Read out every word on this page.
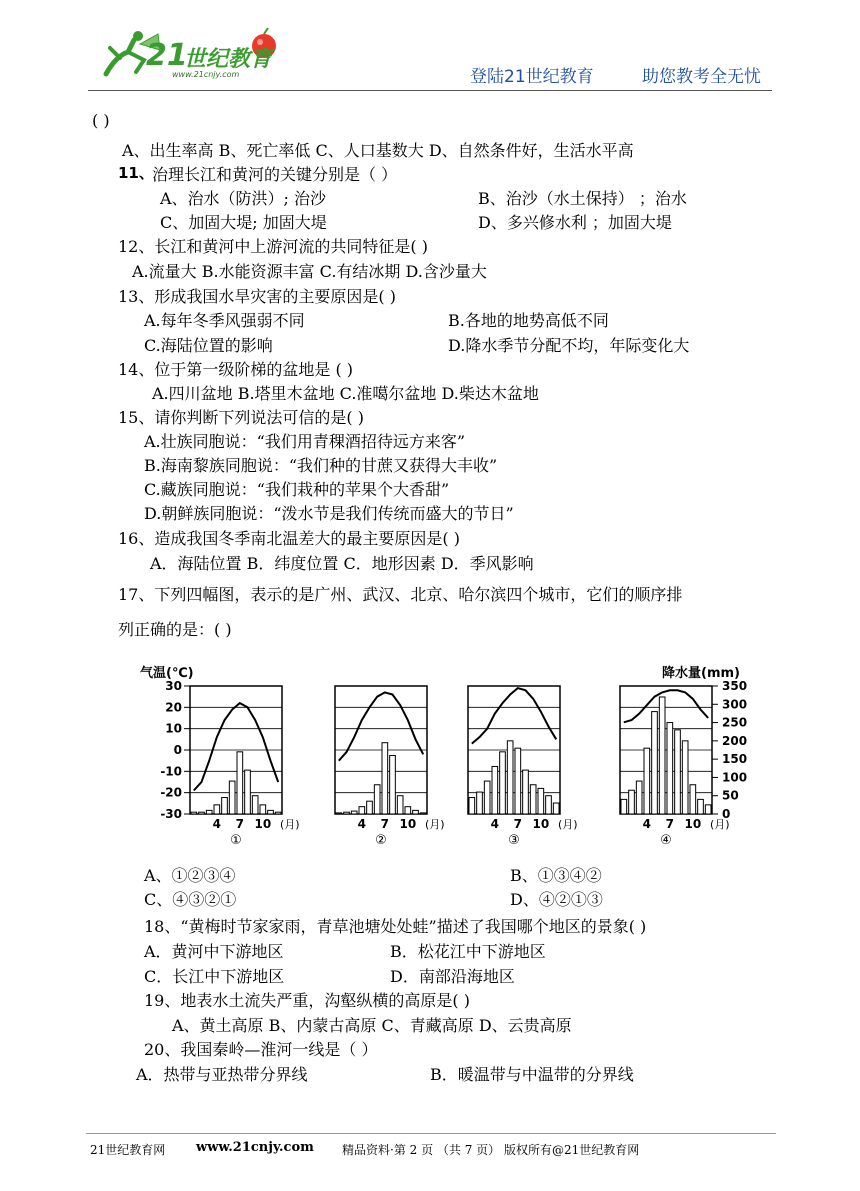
21
世纪教育
www.21cnjy.com	登陆21世纪教育	助您教考全无忧
( )
A、出生率高 B、死亡率低 C、人口基数大 D、自然条件好，生活水平高
11、
治理长江和黄河的关键分别是（ ）
A、治水（防洪）; 治沙	B、治沙（水土保持） ；治水
C、加固大堤; 加固大堤	D、多兴修水利 ；加固大堤
12、长江和黄河中上游河流的共同特征是( )
A.流量大 B.水能资源丰富 C.有结冰期 D.含沙量大
13、形成我国水旱灾害的主要原因是( )
A.每年冬季风强弱不同	B.各地的地势高低不同
C.海陆位置的影响	D.降水季节分配不均，年际变化大
14、位于第一级阶梯的盆地是 ( )
A.四川盆地 B.塔里木盆地 C.准噶尔盆地 D.柴达木盆地
15、请你判断下列说法可信的是( )
A.壮族同胞说：“我们用青稞酒招待远方来客”
B.海南黎族同胞说：“我们种的甘蔗又获得大丰收”
C.藏族同胞说：“我们栽种的苹果个大香甜”
D.朝鲜族同胞说：“泼水节是我们传统而盛大的节日”
16、造成我国冬季南北温差大的最主要原因是( )
A．海陆位置 B．纬度位置 C．地形因素 D．季风影响
17、下列四幅图，表示的是广州、武汉、北京、哈尔滨四个城市，它们的顺序排
列正确的是：( )
气温(℃)	降水量(mm)
30
20
10
0
-10
-20
-30
350
300
250
200
150
100
50
0
4 7 10 (月)
①
4 7 10 (月)
②
4 7 10 (月)
③
4 7 10 (月)
④
A、①②③④	B、①③④②
C、④③②①	D、④②①③
18、“黄梅时节家家雨，青草池塘处处蛙”描述了我国哪个地区的景象( )
A．黄河中下游地区	B．松花江中下游地区
C．长江中下游地区	D．南部沿海地区
19、地表水土流失严重，沟壑纵横的高原是( )
A、黄土高原 B、内蒙古高原 C、青藏高原 D、云贵高原
20、我国秦岭—淮河一线是（ ）
A．热带与亚热带分界线	B．暖温带与中温带的分界线
21世纪教育网 www.21cnjy.com 精品资料·第 2 页 （共 7 页） 版权所有@21世纪教育网
